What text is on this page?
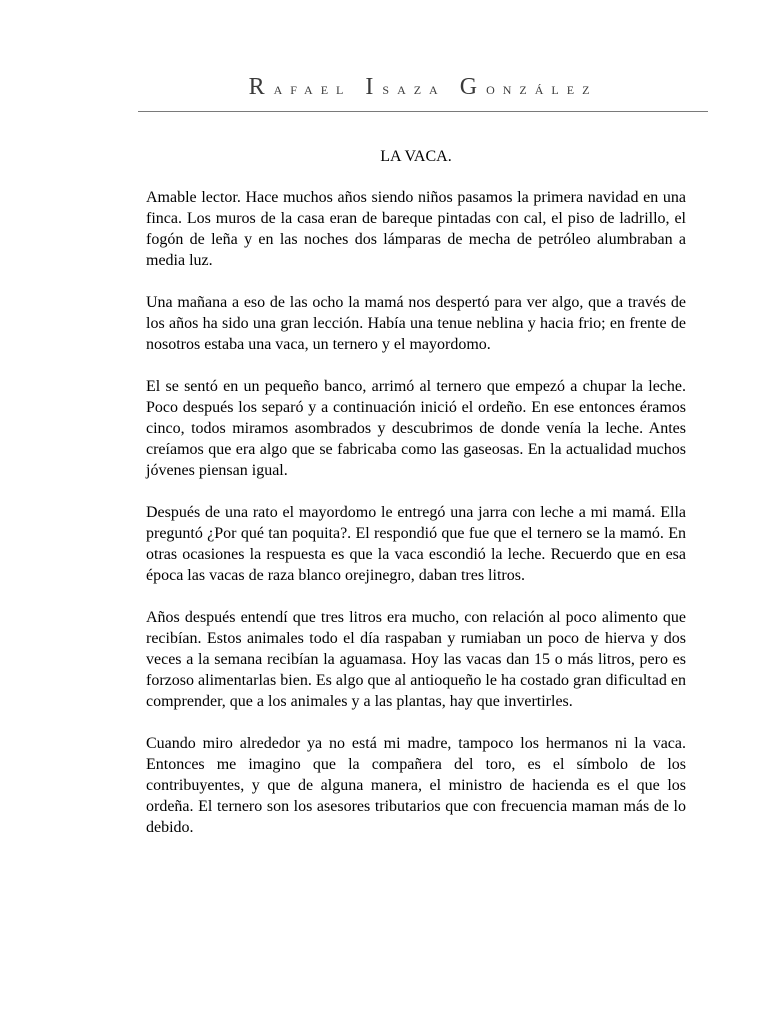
RAFAEL ISAZA GONZÁLEZ
LA VACA.

Amable lector. Hace muchos años siendo niños pasamos la primera navidad en una finca. Los muros de la casa eran de bareque pintadas con cal, el piso de ladrillo, el fogón de leña y en las noches dos lámparas de mecha de petróleo alumbraban a media luz.

Una mañana a eso de las ocho la mamá nos despertó para ver algo, que a través de los años ha sido una gran lección. Había una tenue neblina y hacia frio; en frente de nosotros estaba una vaca, un ternero y el mayordomo.

El se sentó en un pequeño banco, arrimó al ternero que empezó a chupar la leche. Poco después los separó y a continuación inició el ordeño. En ese entonces éramos cinco, todos miramos asombrados y descubrimos de donde venía la leche. Antes creíamos que era algo que se fabricaba como las gaseosas. En la actualidad muchos jóvenes piensan igual.

Después de una rato el mayordomo le entregó una jarra con leche a mi mamá. Ella preguntó ¿Por qué tan poquita?. El respondió que fue que el ternero se la mamó. En otras ocasiones la respuesta es que la vaca escondió la leche. Recuerdo que en esa época las vacas de raza blanco orejinegro, daban tres litros.

Años después entendí que tres litros era mucho, con relación al poco alimento que recibían. Estos animales todo el día raspaban y rumiaban un poco de hierva y dos veces a la semana recibían la aguamasa. Hoy las vacas dan 15 o más litros, pero es forzoso alimentarlas bien. Es algo que al antioqueño le ha costado gran dificultad en comprender, que a los animales y a las plantas, hay que invertirles.

Cuando miro alrededor ya no está mi madre, tampoco los hermanos ni la vaca. Entonces me imagino que la compañera del toro, es el símbolo de los contribuyentes, y que de alguna manera, el ministro de hacienda es el que los ordeña. El ternero son los asesores tributarios que con frecuencia maman más de lo debido.
